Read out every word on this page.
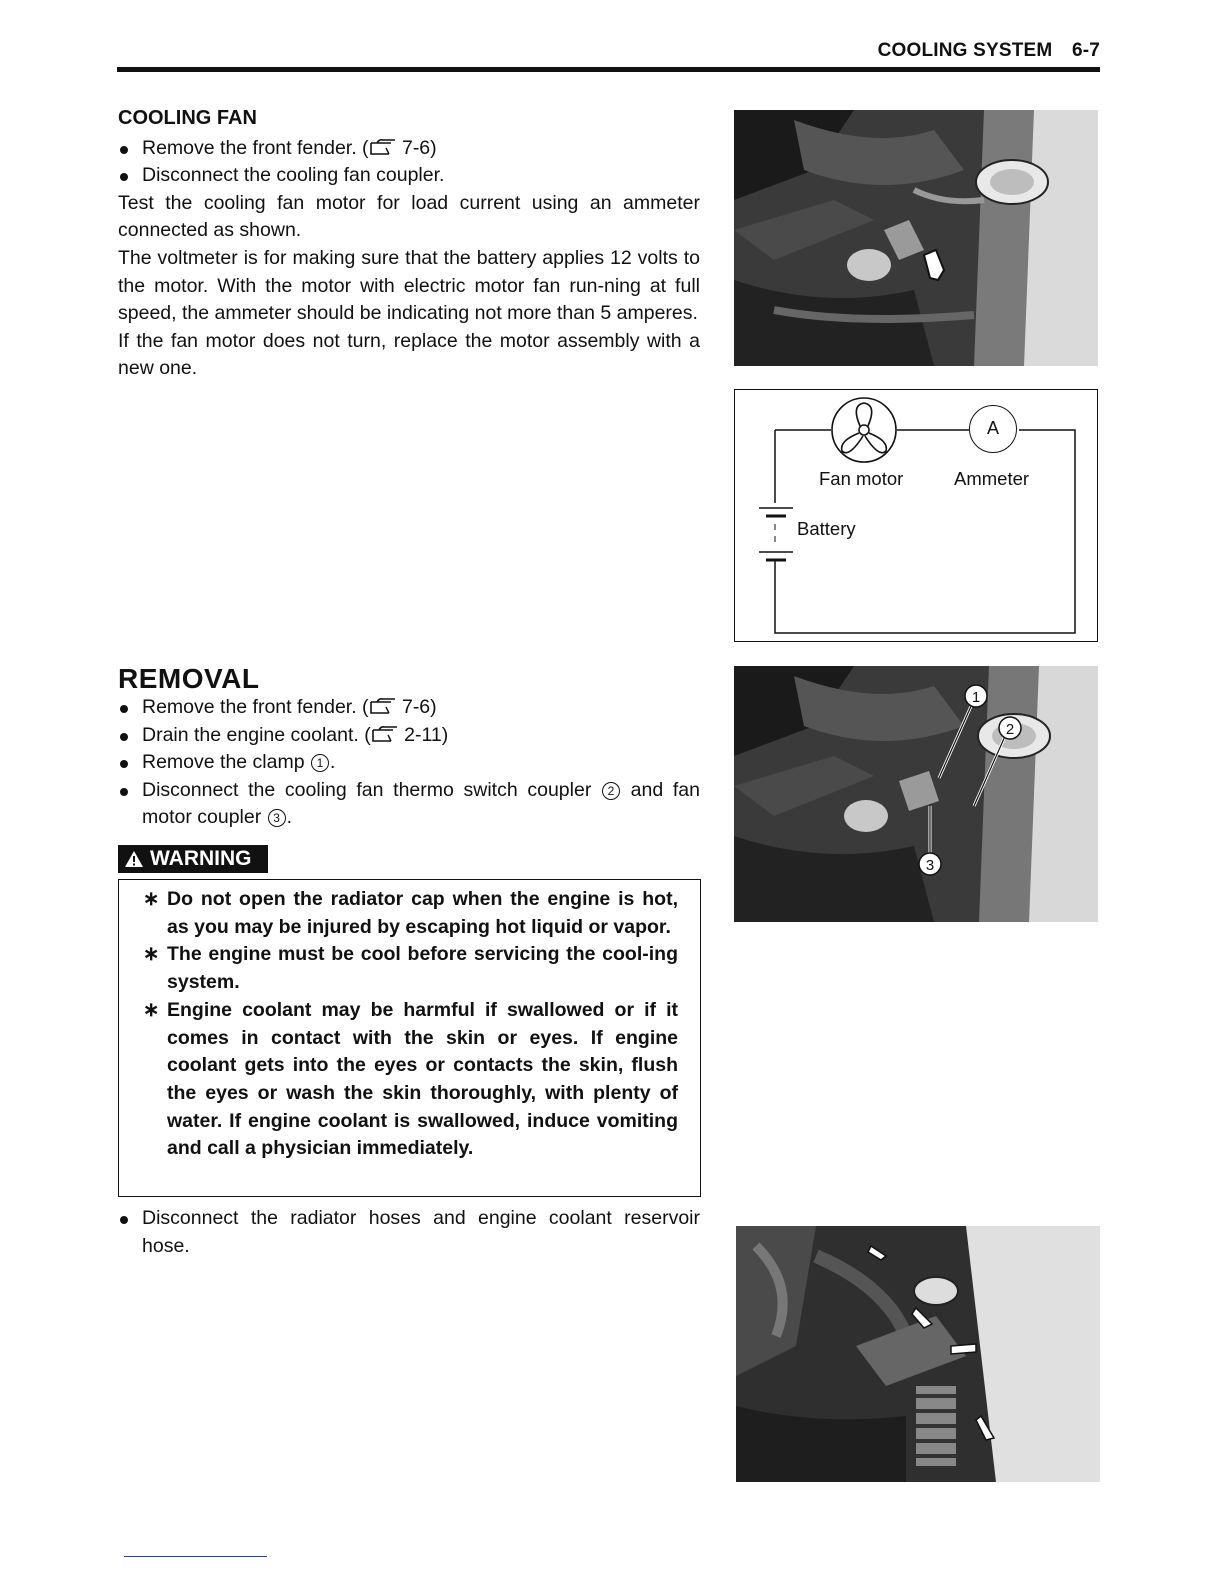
COOLING SYSTEM 6-7
COOLING FAN
Remove the front fender. ( 7-6)
Disconnect the cooling fan coupler.

Test the cooling fan motor for load current using an ammeter connected as shown.

The voltmeter is for making sure that the battery applies 12 volts to the motor. With the motor with electric motor fan run-ning at full speed, the ammeter should be indicating not more than 5 amperes.

If the fan motor does not turn, replace the motor assembly with a new one.

A
Fan motor	Ammeter
Battery
REMOVAL
Remove the front fender. ( 7-6)
Drain the engine coolant. ( 2-11)
Remove the clamp 1 .
Disconnect the cooling fan thermo switch coupler 2 and fan motor coupler 3 .
1
2
3
WARNING
∗ Do not open the radiator cap when the engine is hot, as you may be injured by escaping hot liquid or vapor.
∗ The engine must be cool before servicing the cool-ing system.
∗ Engine coolant may be harmful if swallowed or if it comes in contact with the skin or eyes. If engine coolant gets into the eyes or contacts the skin, flush the eyes or wash the skin thoroughly, with plenty of water. If engine coolant is swallowed, induce vomiting and call a physician immediately.
Disconnect the radiator hoses and engine coolant reservoir hose.
